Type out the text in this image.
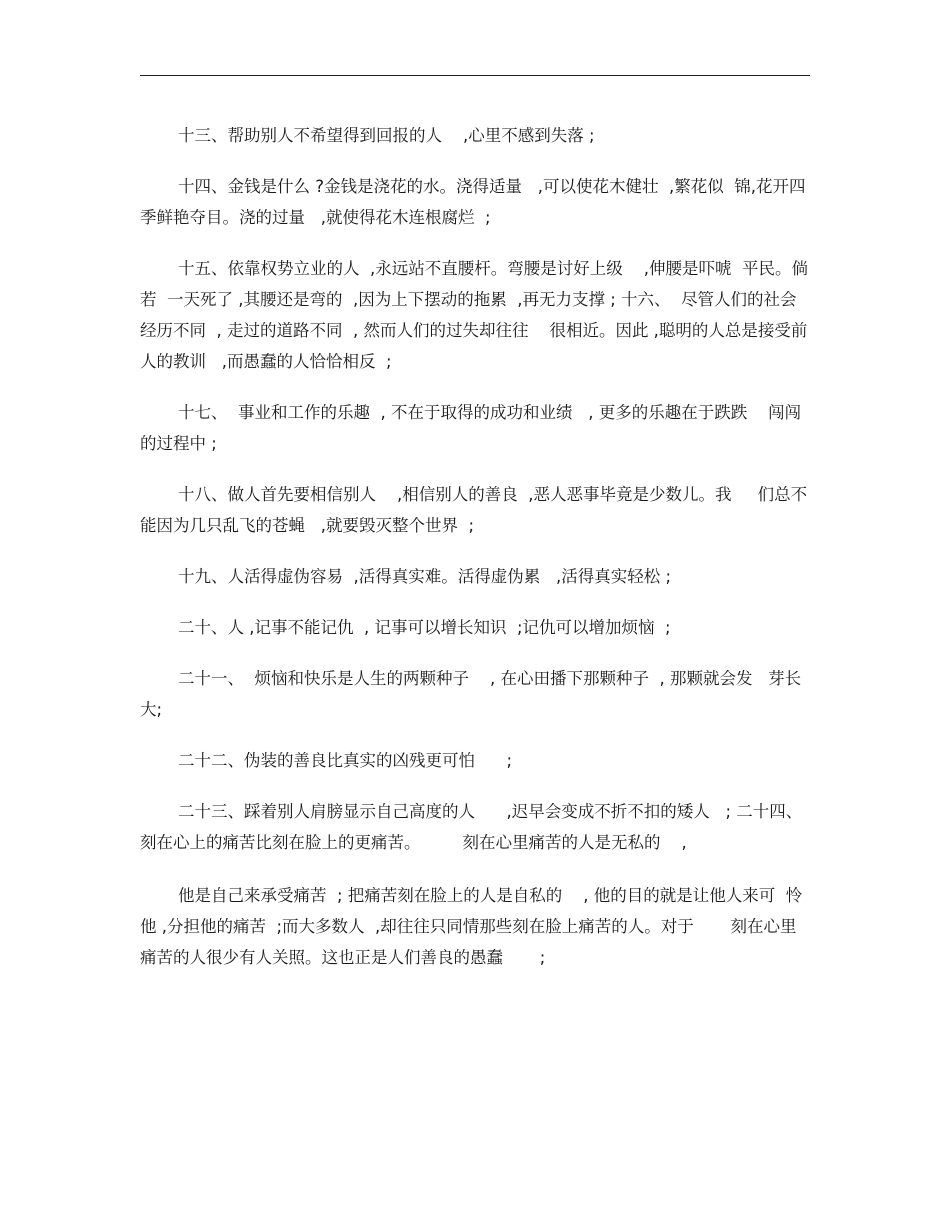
十三、帮助别人不希望得到回报的人    ,心里不感到失落 ;

十四、金钱是什么 ?金钱是浇花的水。浇得适量   ,可以使花木健壮  ,繁花似  锦,花开四季鲜艳夺目。浇的过量   ,就使得花木连根腐烂  ;

十五、依靠权势立业的人  ,永远站不直腰杆。弯腰是讨好上级    ,伸腰是吓唬  平民。倘若  一天死了 ,其腰还是弯的  ,因为上下摆动的拖累  ,再无力支撑 ; 十六、  尽管人们的社会经历不同  , 走过的道路不同  , 然而人们的过失却往往    很相近。因此 ,聪明的人总是接受前人的教训   ,而愚蠢的人恰恰相反  ;

十七、  事业和工作的乐趣  , 不在于取得的成功和业绩   , 更多的乐趣在于跌跌    闯闯的过程中 ;

十八、做人首先要相信别人    ,相信别人的善良  ,恶人恶事毕竟是少数儿。我     们总不能因为几只乱飞的苍蝇   ,就要毁灭整个世界  ;

十九、人活得虚伪容易  ,活得真实难。活得虚伪累   ,活得真实轻松 ;

二十、人 ,记事不能记仇  , 记事可以增长知识  ;记仇可以增加烦恼  ;

二十一、  烦恼和快乐是人生的两颗种子    , 在心田播下那颗种子  , 那颗就会发   芽长大;

二十二、伪装的善良比真实的凶残更可怕      ;

二十三、踩着别人肩膀显示自己高度的人      ,迟早会变成不折不扣的矮人   ; 二十四、  刻在心上的痛苦比刻在脸上的更痛苦。        刻在心里痛苦的人是无私的    ,

他是自己来承受痛苦  ; 把痛苦刻在脸上的人是自私的    , 他的目的就是让他人来可  怜他 ,分担他的痛苦  ;而大多数人  ,却往往只同情那些刻在脸上痛苦的人。对于       刻在心里痛苦的人很少有人关照。这也正是人们善良的愚蠢       ;
